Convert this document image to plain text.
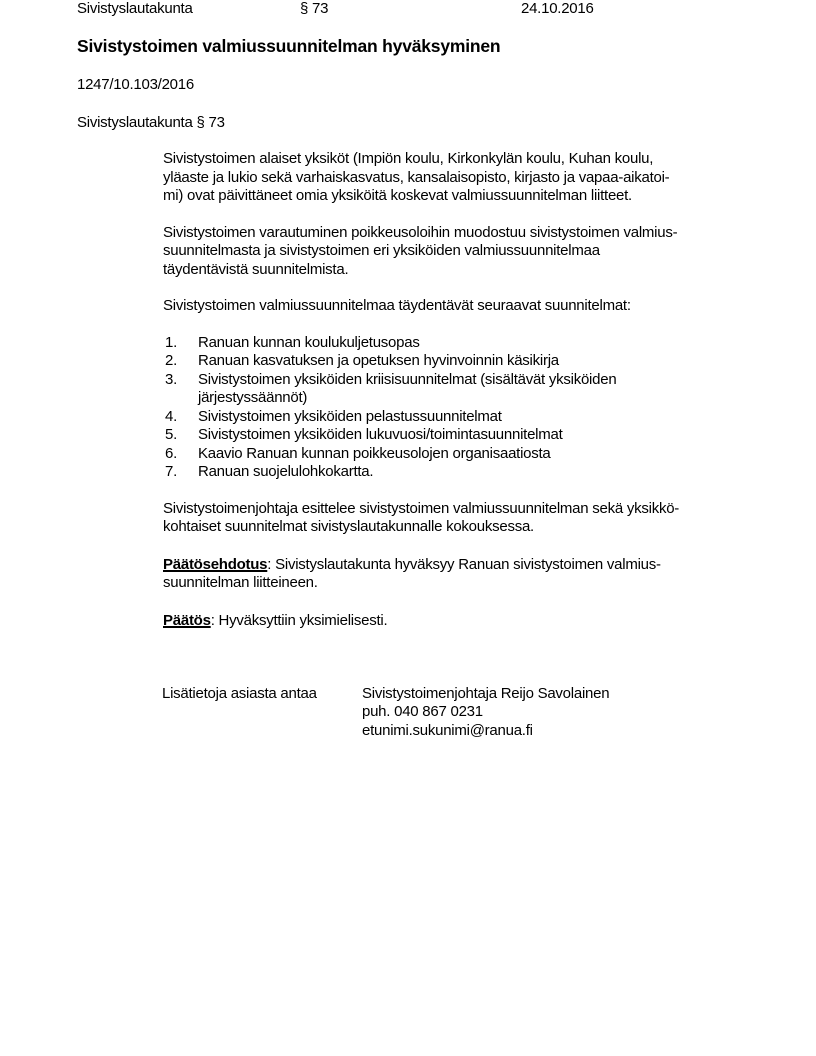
Sivistyslautakunta	§ 73	24.10.2016
Sivistystoimen valmiussuunnitelman hyväksyminen
1247/10.103/2016
Sivistyslautakunta § 73
Sivistystoimen alaiset yksiköt (Impiön koulu, Kirkonkylän koulu, Kuhan koulu,
yläaste ja lukio sekä varhaiskasvatus, kansalaisopisto, kirjasto ja vapaa-aikatoi-
mi) ovat päivittäneet omia yksiköitä koskevat valmiussuunnitelman liitteet.
Sivistystoimen varautuminen poikkeusoloihin muodostuu sivistystoimen valmius-
suunnitelmasta ja sivistystoimen eri yksiköiden valmiussuunnitelmaa
täydentävistä suunnitelmista.
Sivistystoimen valmiussuunnitelmaa täydentävät seuraavat suunnitelmat:
1. Ranuan kunnan koulukuljetusopas
2. Ranuan kasvatuksen ja opetuksen hyvinvoinnin käsikirja
3. Sivistystoimen yksiköiden kriisisuunnitelmat (sisältävät yksiköiden
järjestyssäännöt)
4. Sivistystoimen yksiköiden pelastussuunnitelmat
5. Sivistystoimen yksiköiden lukuvuosi/toimintasuunnitelmat
6. Kaavio Ranuan kunnan poikkeusolojen organisaatiosta
7. Ranuan suojelulohkokartta.
Sivistystoimenjohtaja esittelee sivistystoimen valmiussuunnitelman sekä yksikkö-
kohtaiset suunnitelmat sivistyslautakunnalle kokouksessa.
Päätösehdotus: Sivistyslautakunta hyväksyy Ranuan sivistystoimen valmius-
suunnitelman liitteineen.
Päätös: Hyväksyttiin yksimielisesti.
Lisätietoja asiasta antaa	Sivistystoimenjohtaja Reijo Savolainen
puh. 040 867 0231
etunimi.sukunimi@ranua.fi
